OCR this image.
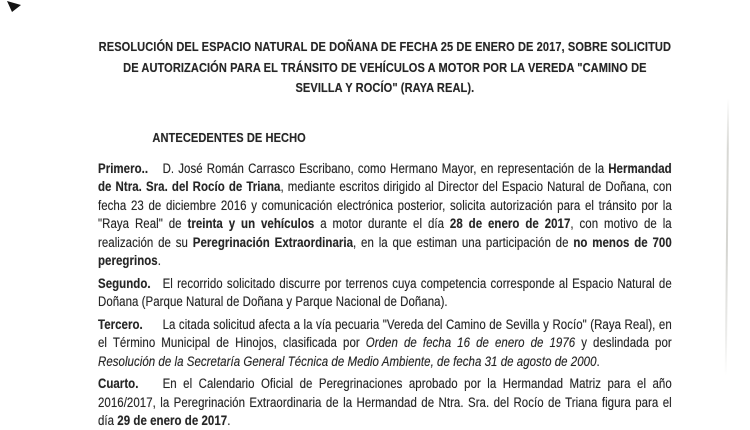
RESOLUCIÓN DEL ESPACIO NATURAL DE DOÑANA DE FECHA 25 DE ENERO DE 2017, SOBRE SOLICITUD DE AUTORIZACIÓN PARA EL TRÁNSITO DE VEHÍCULOS A MOTOR POR LA VEREDA "CAMINO DE SEVILLA Y ROCÍO" (RAYA REAL).
ANTECEDENTES DE HECHO

Primero.. D. José Román Carrasco Escribano, como Hermano Mayor, en representación de la Hermandad de Ntra. Sra. del Rocío de Triana, mediante escritos dirigido al Director del Espacio Natural de Doñana, con fecha 23 de diciembre 2016 y comunicación electrónica posterior, solicita autorización para el tránsito por la "Raya Real" de treinta y un vehículos a motor durante el día 28 de enero de 2017, con motivo de la realización de su Peregrinación Extraordinaria, en la que estiman una participación de no menos de 700 peregrinos.

Segundo. El recorrido solicitado discurre por terrenos cuya competencia corresponde al Espacio Natural de Doñana (Parque Natural de Doñana y Parque Nacional de Doñana).

Tercero. La citada solicitud afecta a la vía pecuaria "Vereda del Camino de Sevilla y Rocío" (Raya Real), en el Término Municipal de Hinojos, clasificada por Orden de fecha 16 de enero de 1976 y deslindada por Resolución de la Secretaría General Técnica de Medio Ambiente, de fecha 31 de agosto de 2000.

Cuarto. En el Calendario Oficial de Peregrinaciones aprobado por la Hermandad Matriz para el año 2016/2017, la Peregrinación Extraordinaria de la Hermandad de Ntra. Sra. del Rocío de Triana figura para el día 29 de enero de 2017.
